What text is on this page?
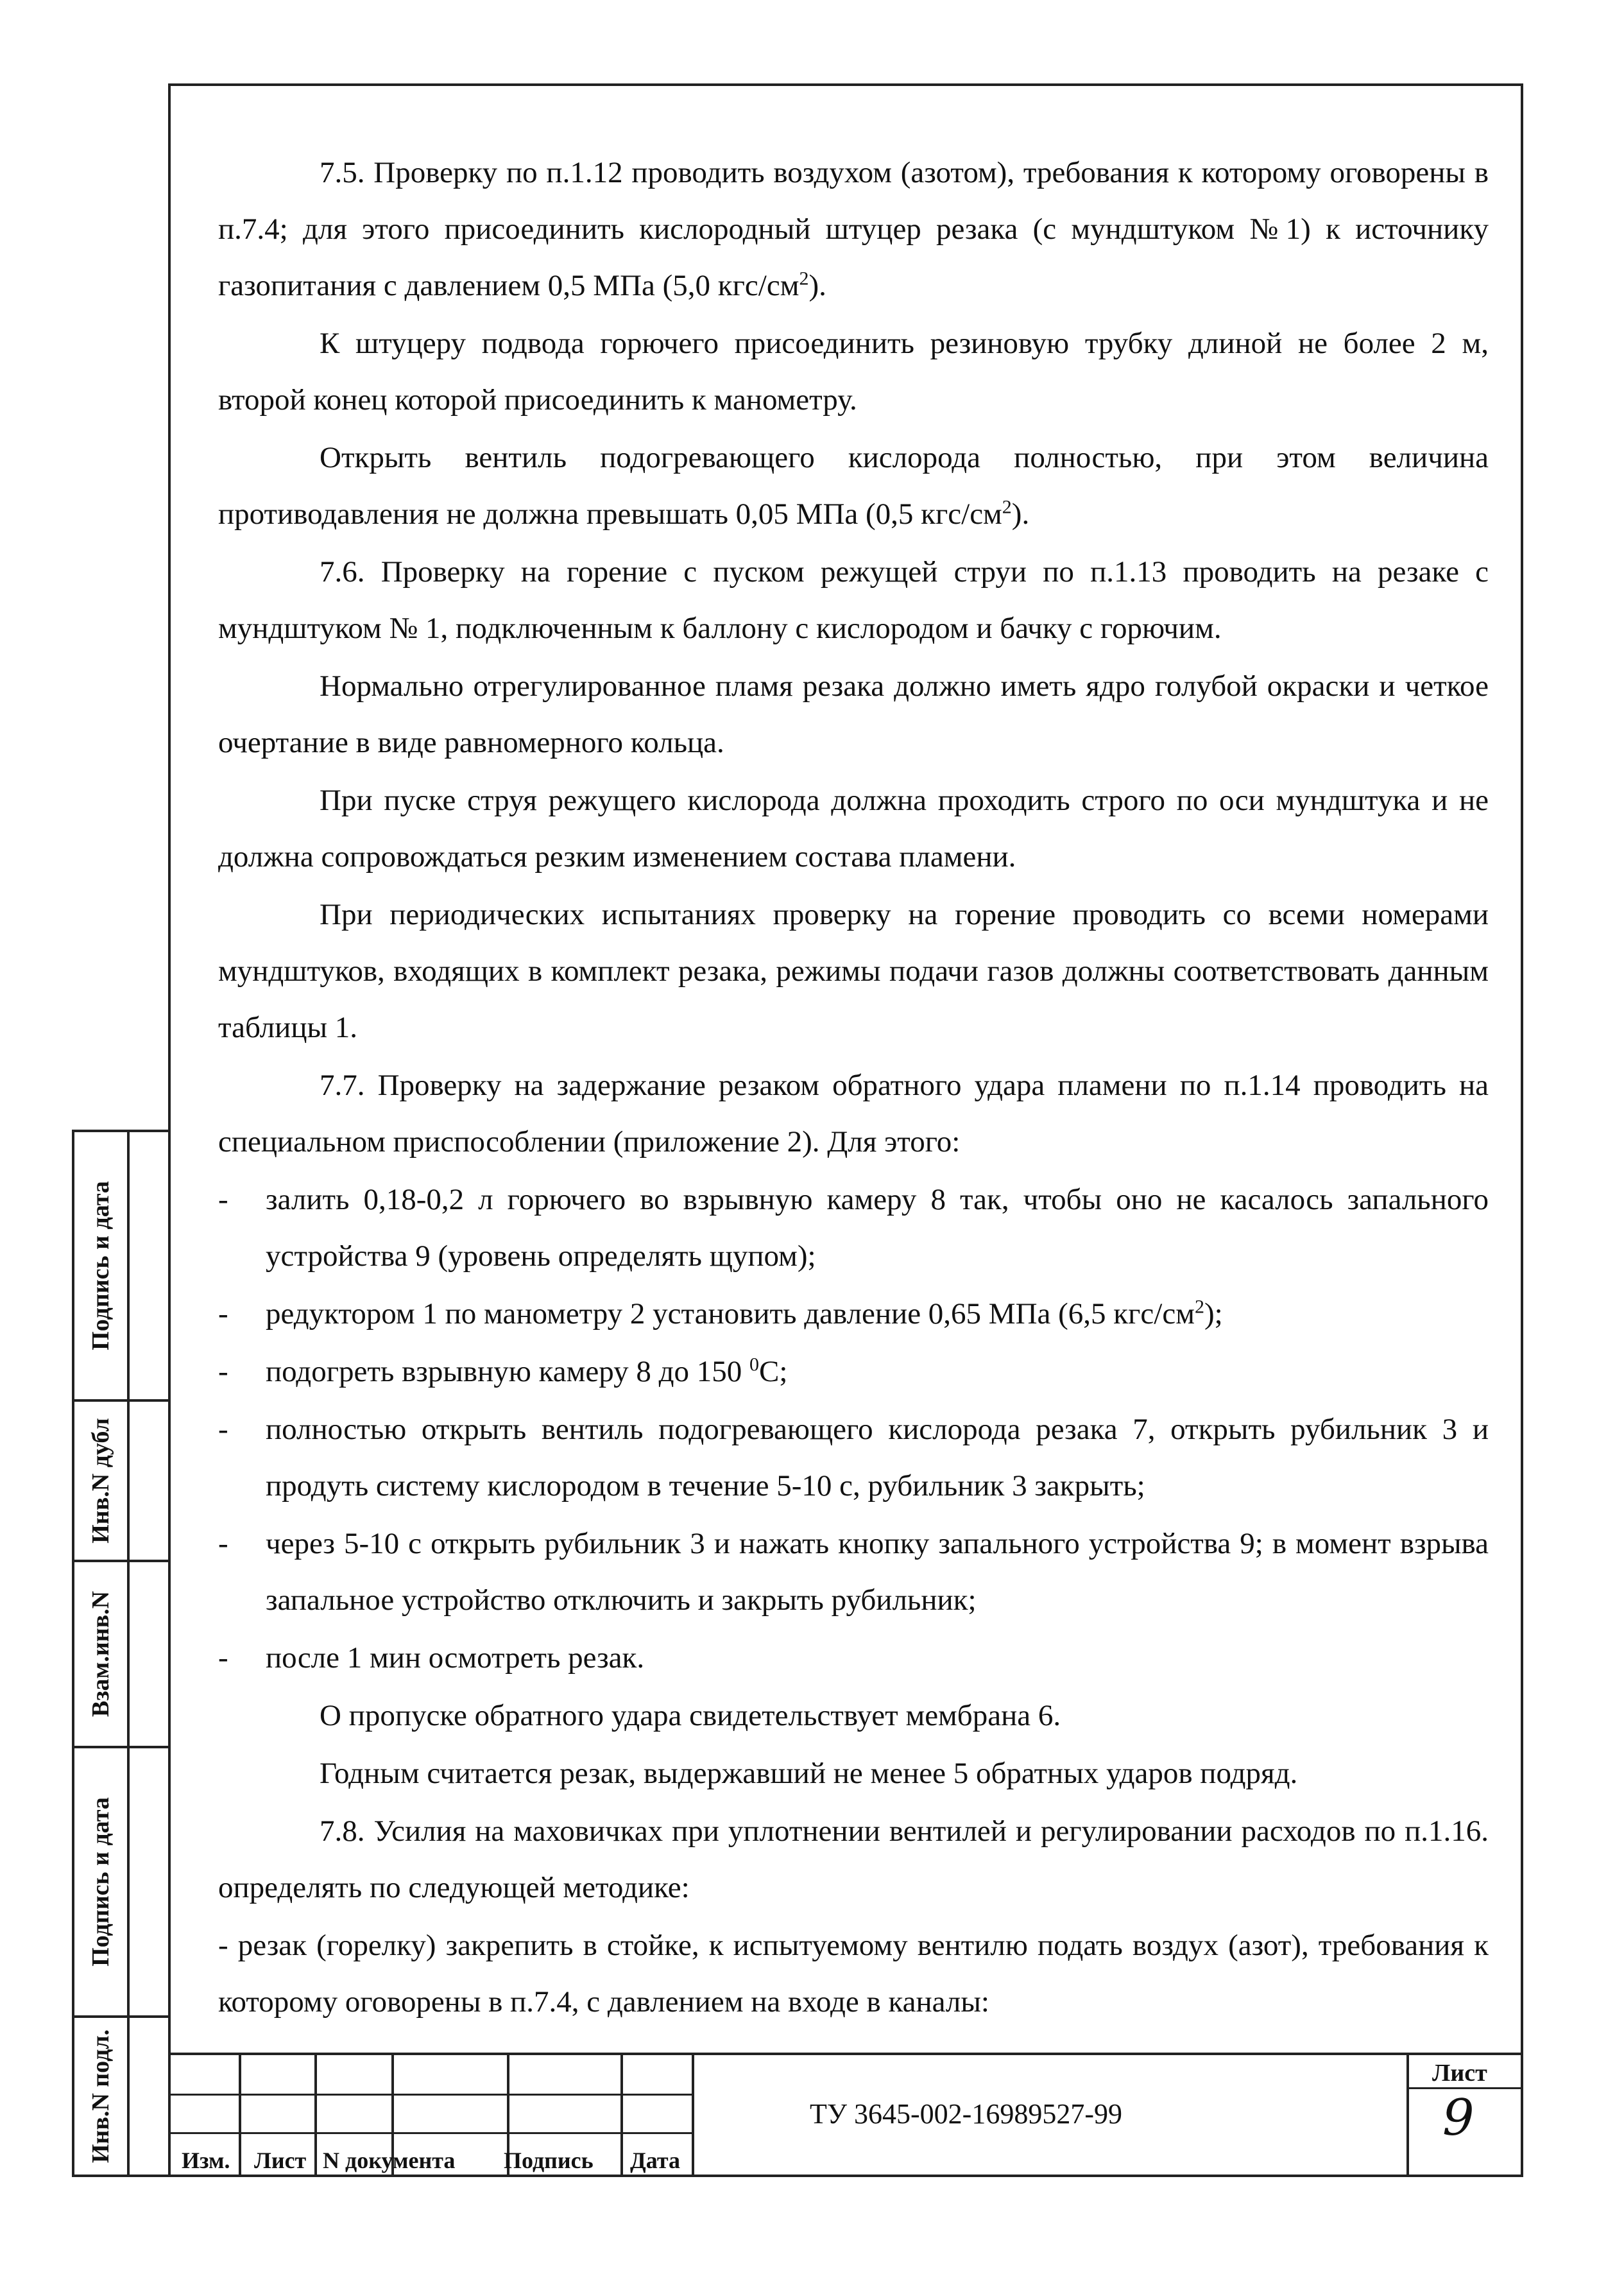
7.5. Проверку по п.1.12 проводить воздухом (азотом), требования к которому оговорены в п.7.4; для этого присоединить кислородный штуцер резака (с мундштуком №1) к источнику газопитания с давлением 0,5 МПа (5,0 кгс/$см^2$).

К штуцеру подвода горючего присоединить резиновую трубку длиной не более 2 м, второй конец которой присоединить к манометру.

Открыть вентиль подогревающего кислорода полностью, при этом величина противодавления не должна превышать 0,05 МПа (0,5 кгс/$см^2$).

7.6. Проверку на горение с пуском режущей струи по п.1.13 проводить на резаке с мундштуком № 1, подключенным к баллону с кислородом и бачку с горючим.

Нормально отрегулированное пламя резака должно иметь ядро голубой окраски и четкое очертание в виде равномерного кольца.

При пуске струя режущего кислорода должна проходить строго по оси мундштука и не должна сопровождаться резким изменением состава пламени.

При периодических испытаниях проверку на горение проводить со всеми номерами мундштуков, входящих в комплект резака, режимы подачи газов должны соответствовать данным таблицы 1.

7.7. Проверку на задержание резаком обратного удара пламени по п.1.14 проводить на специальном приспособлении (приложение 2). Для этого:

- залить 0,18-0,2 л горючего во взрывную камеру 8 так, чтобы оно не касалось запального устройства 9 (уровень определять щупом);

- редуктором 1 по манометру 2 установить давление 0,65 МПа (6,5 кгс/$см^2$);

- подогреть взрывную камеру 8 до 150 $^0$С;

- полностью открыть вентиль подогревающего кислорода резака 7, открыть рубильник 3 и продуть систему кислородом в течение 5-10 с, рубильник 3 закрыть;

- через 5-10 с открыть рубильник 3 и нажать кнопку запального устройства 9; в момент взрыва запальное устройство отключить и закрыть рубильник;

- после 1 мин осмотреть резак.

О пропуске обратного удара свидетельствует мембрана 6.

Годным считается резак, выдержавший не менее 5 обратных ударов подряд.

7.8. Усилия на маховичках при уплотнении вентилей и регулировании расходов по п.1.16. определять по следующей методике:

- резак (горелку) закрепить в стойке, к испытуемому вентилю подать воздух (азот), требования к которому оговорены в п.7.4, с давлением на входе в каналы:

Подпись и дата
Инв.N дубл
Взам.инв.N
Подпись и дата
Инв.N подл.	Изм. Лист N документа Подпись Дата
ТУ 3645-002-16989527-99
Лист
9
